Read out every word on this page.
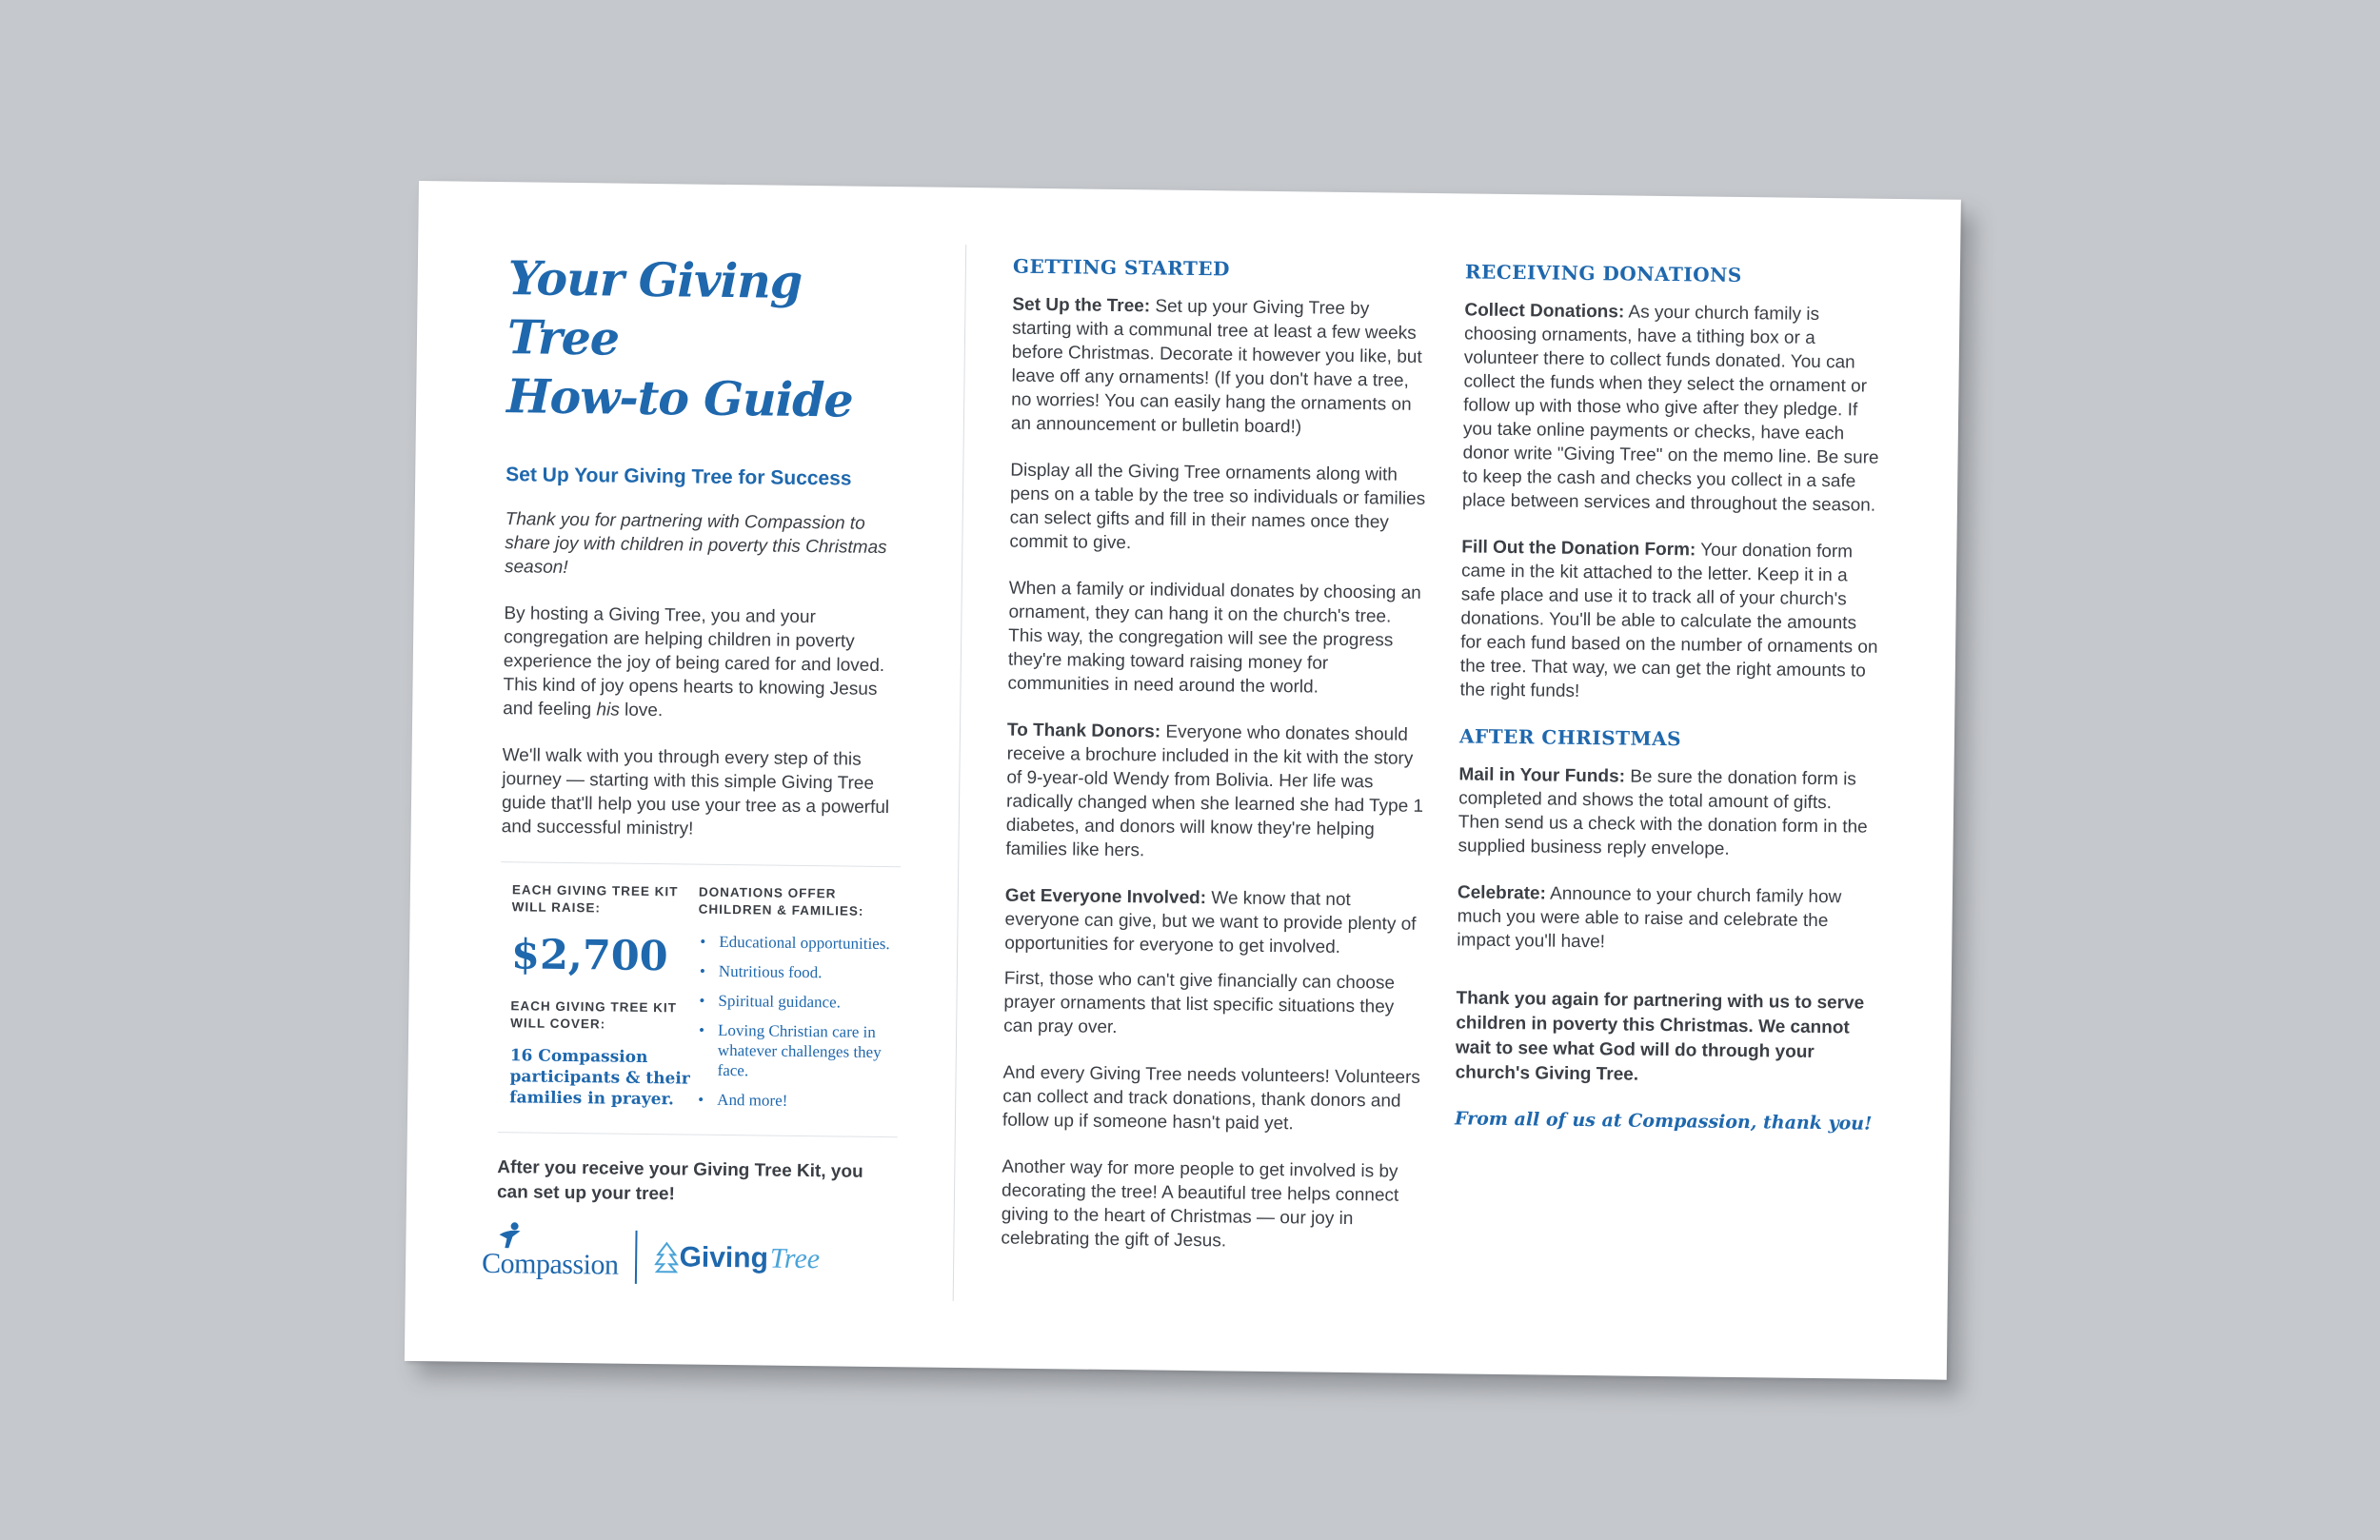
Your Giving Tree
How-to Guide
Set Up Your Giving Tree for Success

Thank you for partnering with Compassion to share joy with children in poverty this Christmas season!

By hosting a Giving Tree, you and your congregation are helping children in poverty experience the joy of being cared for and loved. This kind of joy opens hearts to knowing Jesus and feeling his love.

We'll walk with you through every step of this journey — starting with this simple Giving Tree guide that'll help you use your tree as a powerful and successful ministry!

EACH GIVING TREE KIT WILL RAISE:
$2,700
EACH GIVING TREE KIT WILL COVER:
16 Compassion participants & their families in prayer.
DONATIONS OFFER CHILDREN & FAMILIES:
• Educational opportunities.
• Nutritious food.
• Spiritual guidance.
• Loving Christian care in whatever challenges they face.
• And more!
After you receive your Giving Tree Kit, you can set up your tree!
Compassion Giving Tree
GETTING STARTED

Set Up the Tree: Set up your Giving Tree by starting with a communal tree at least a few weeks before Christmas. Decorate it however you like, but leave off any ornaments! (If you don't have a tree, no worries! You can easily hang the ornaments on an announcement or bulletin board!)

Display all the Giving Tree ornaments along with pens on a table by the tree so individuals or families can select gifts and fill in their names once they commit to give.

When a family or individual donates by choosing an ornament, they can hang it on the church's tree. This way, the congregation will see the progress they're making toward raising money for communities in need around the world.

To Thank Donors: Everyone who donates should receive a brochure included in the kit with the story of 9-year-old Wendy from Bolivia. Her life was radically changed when she learned she had Type 1 diabetes, and donors will know they're helping families like hers.

Get Everyone Involved: We know that not everyone can give, but we want to provide plenty of opportunities for everyone to get involved.

First, those who can't give financially can choose prayer ornaments that list specific situations they can pray over.

And every Giving Tree needs volunteers! Volunteers can collect and track donations, thank donors and follow up if someone hasn't paid yet.

Another way for more people to get involved is by decorating the tree! A beautiful tree helps connect giving to the heart of Christmas — our joy in celebrating the gift of Jesus.

RECEIVING DONATIONS

Collect Donations: As your church family is choosing ornaments, have a tithing box or a volunteer there to collect funds donated. You can collect the funds when they select the ornament or follow up with those who give after they pledge. If you take online payments or checks, have each donor write "Giving Tree" on the memo line. Be sure to keep the cash and checks you collect in a safe place between services and throughout the season.

Fill Out the Donation Form: Your donation form came in the kit attached to the letter. Keep it in a safe place and use it to track all of your church's donations. You'll be able to calculate the amounts for each fund based on the number of ornaments on the tree. That way, we can get the right amounts to the right funds!

AFTER CHRISTMAS

Mail in Your Funds: Be sure the donation form is completed and shows the total amount of gifts. Then send us a check with the donation form in the supplied business reply envelope.

Celebrate: Announce to your church family how much you were able to raise and celebrate the impact you'll have!

Thank you again for partnering with us to serve children in poverty this Christmas. We cannot wait to see what God will do through your church's Giving Tree.

From all of us at Compassion, thank you!
